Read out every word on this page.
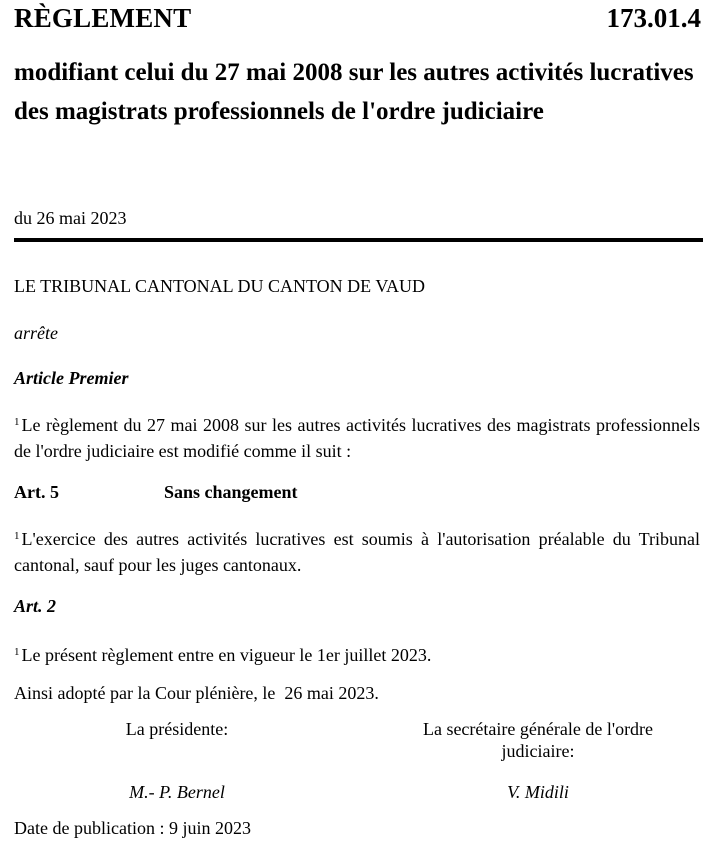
RÈGLEMENT	173.01.4
modifiant celui du 27 mai 2008 sur les autres activités lucratives des magistrats professionnels de l'ordre judiciaire
du 26 mai 2023
LE TRIBUNAL CANTONAL DU CANTON DE VAUD
arrête
Article Premier
$^1$ Le règlement du 27 mai 2008 sur les autres activités lucratives des magistrats professionnels de l'ordre judiciaire est modifié comme il suit :
Art. 5	Sans changement
$^1$ L'exercice des autres activités lucratives est soumis à l'autorisation préalable du Tribunal cantonal, sauf pour les juges cantonaux.
Art. 2
$^1$ Le présent règlement entre en vigueur le 1er juillet 2023.
Ainsi adopté par la Cour plénière, le  26 mai 2023.
La présidente:	La secrétaire générale de l'ordre
judiciaire:
M.- P. Bernel	V. Midili
Date de publication : 9 juin 2023
